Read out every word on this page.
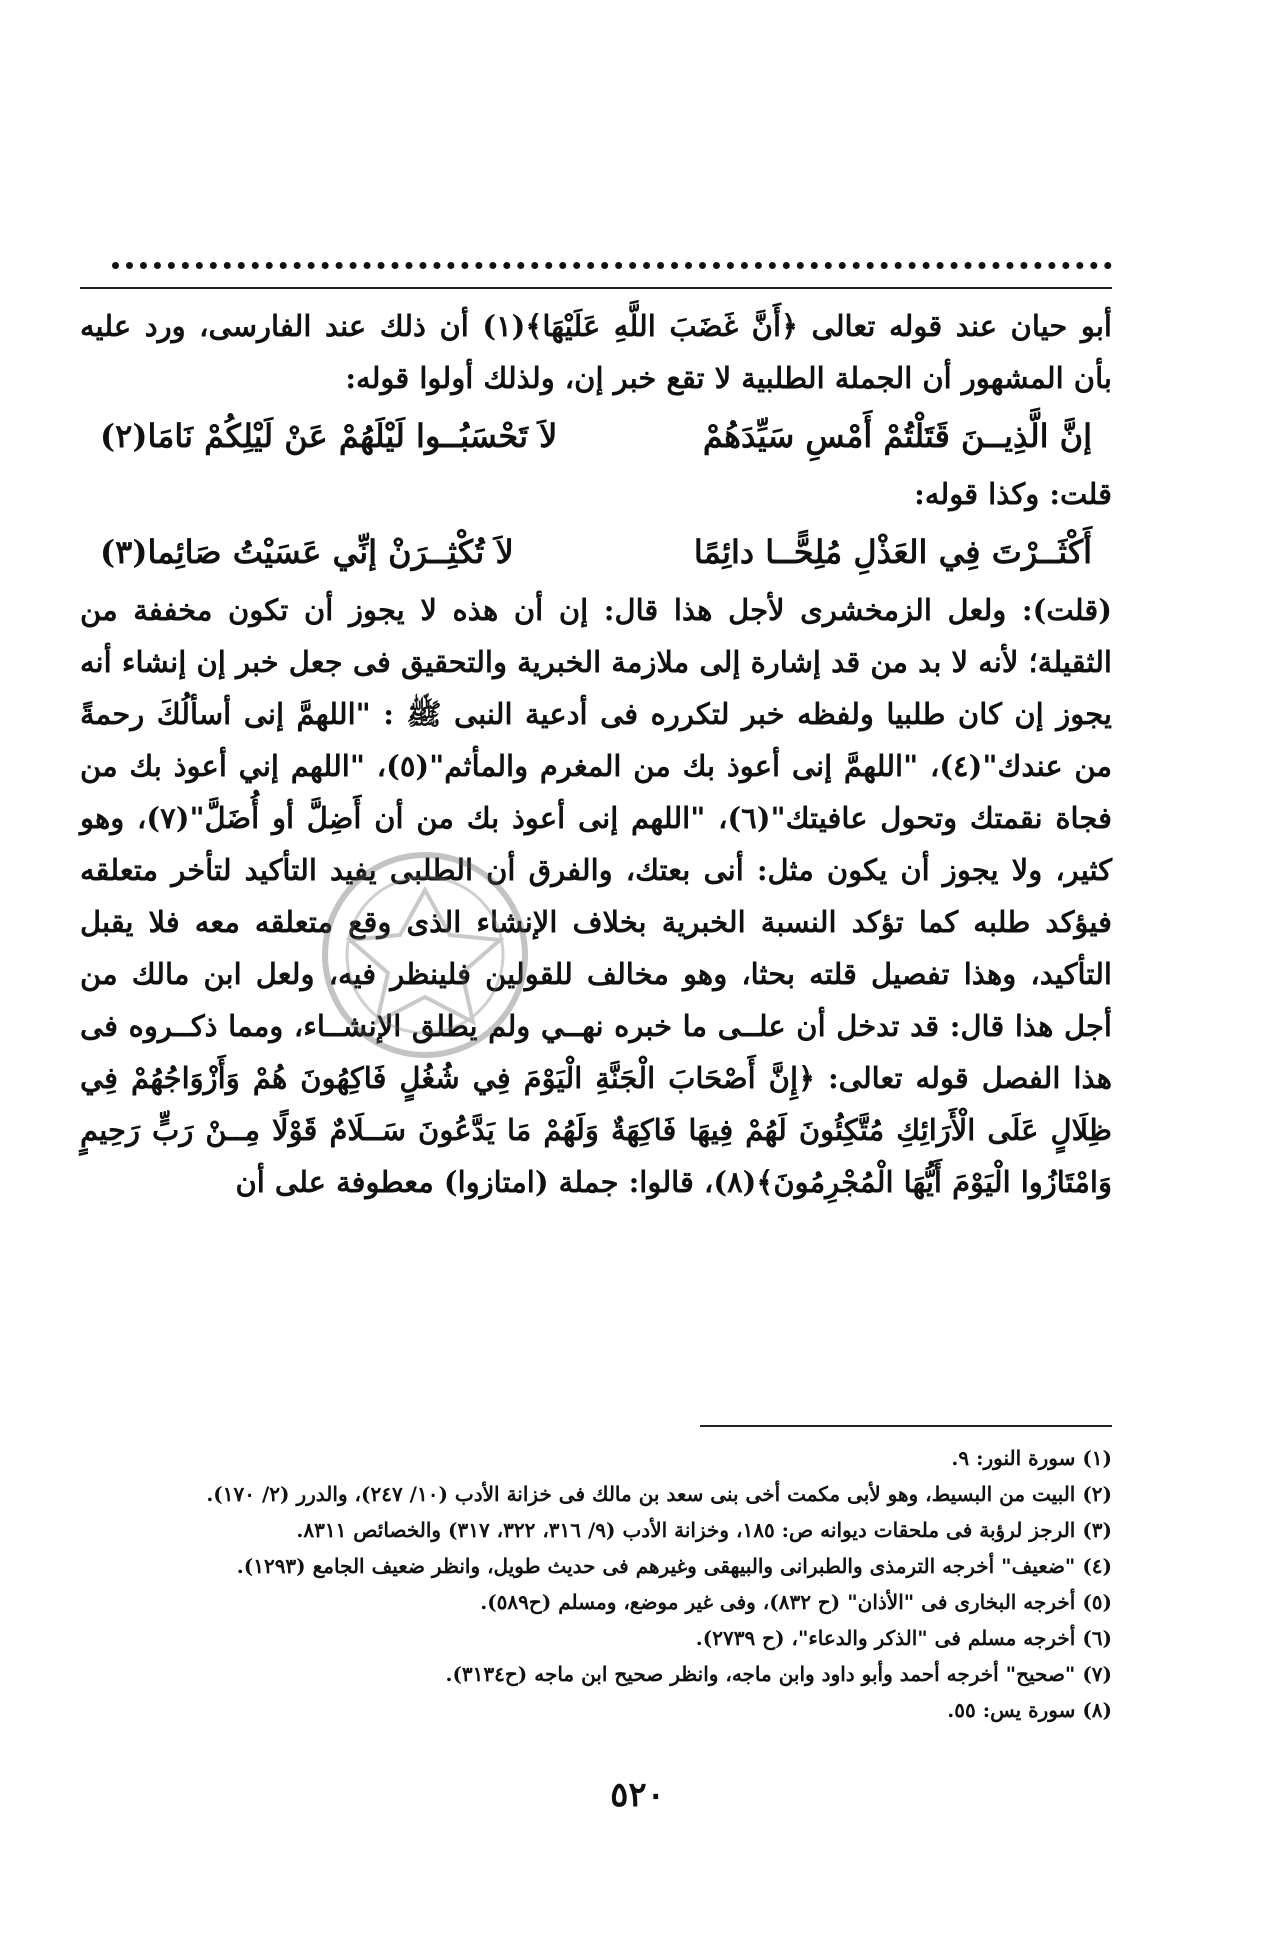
أبو حيان عند قوله تعالى ﴿أَنَّ غَضَبَ اللَّهِ عَلَيْهَا﴾(١) أن ذلك عند الفارسى، ورد عليه بأن المشهور أن الجملة الطلبية لا تقع خبر إن، ولذلك أولوا قوله:

إنَّ الَّذِيــنَ قَتَلْتُمْ أَمْسِ سَيِّدَهُمْ
لاَ تَحْسَبُــوا لَيْلَهُمْ عَنْ لَيْلِكُمْ نَامَا(٢)

قلت: وكذا قوله:

أَكْثَــرْتَ فِي العَذْلِ مُلِحًّــا دائِمًا
لاَ تُكْثِــرَنْ إنِّي عَسَيْتُ صَائِما(٣)

(قلت): ولعل الزمخشرى لأجل هذا قال: إن أن هذه لا يجوز أن تكون مخففة من الثقيلة؛ لأنه لا بد من قد إشارة إلى ملازمة الخبرية والتحقيق فى جعل خبر إن إنشاء أنه يجوز إن كان طلبيا ولفظه خبر لتكرره فى أدعية النبى ﷺ : "اللهمَّ إنى أسألُكَ رحمةً من عندك"(٤)، "اللهمَّ إنى أعوذ بك من المغرم والمأثم"(٥)، "اللهم إني أعوذ بك من فجاة نقمتك وتحول عافيتك"(٦)، "اللهم إنى أعوذ بك من أن أَضِلَّ أو أُضَلَّ"(٧)، وهو كثير، ولا يجوز أن يكون مثل: أنى بعتك، والفرق أن الطلبى يفيد التأكيد لتأخر متعلقه فيؤكد طلبه كما تؤكد النسبة الخبرية بخلاف الإنشاء الذى وقع متعلقه معه فلا يقبل التأكيد، وهذا تفصيل قلته بحثا، وهو مخالف للقولين فلينظر فيه، ولعل ابن مالك من أجل هذا قال: قد تدخل أن علــى ما خبره نهــي ولم يطلق الإنشــاء، ومما ذكــروه فى هذا الفصل قوله تعالى: ﴿إِنَّ أَصْحَابَ الْجَنَّةِ الْيَوْمَ فِي شُغُلٍ فَاكِهُونَ هُمْ وَأَزْوَاجُهُمْ فِي ظِلَالٍ عَلَى الْأَرَائِكِ مُتَّكِئُونَ لَهُمْ فِيهَا فَاكِهَةٌ وَلَهُمْ مَا يَدَّعُونَ سَــلَامٌ قَوْلًا مِــنْ رَبٍّ رَحِيمٍ وَامْتَازُوا الْيَوْمَ أَيُّهَا الْمُجْرِمُونَ﴾(٨)، قالوا: جملة (امتازوا) معطوفة على أن

(١) سورة النور: ٩.

(٢) البيت من البسيط، وهو لأبى مكمت أخى بنى سعد بن مالك فى خزانة الأدب (١٠/ ٢٤٧)، والدرر (٢/ ١٧٠).

(٣) الرجز لرؤبة فى ملحقات ديوانه ص: ١٨٥، وخزانة الأدب (٩/ ٣١٦، ٣٢٢، ٣١٧) والخصائص ٨٣١١.

(٤) "ضعيف" أخرجه الترمذى والطبرانى والبيهقى وغيرهم فى حديث طويل، وانظر ضعيف الجامع (١٢٩٣).

(٥) أخرجه البخارى فى "الأذان" (ح ٨٣٢)، وفى غير موضع، ومسلم (ح٥٨٩).

(٦) أخرجه مسلم فى "الذكر والدعاء"، (ح ٢٧٣٩).

(٧) "صحيح" أخرجه أحمد وأبو داود وابن ماجه، وانظر صحيح ابن ماجه (ح٣١٣٤).

(٨) سورة يس: ٥٥.

٥٢٠
